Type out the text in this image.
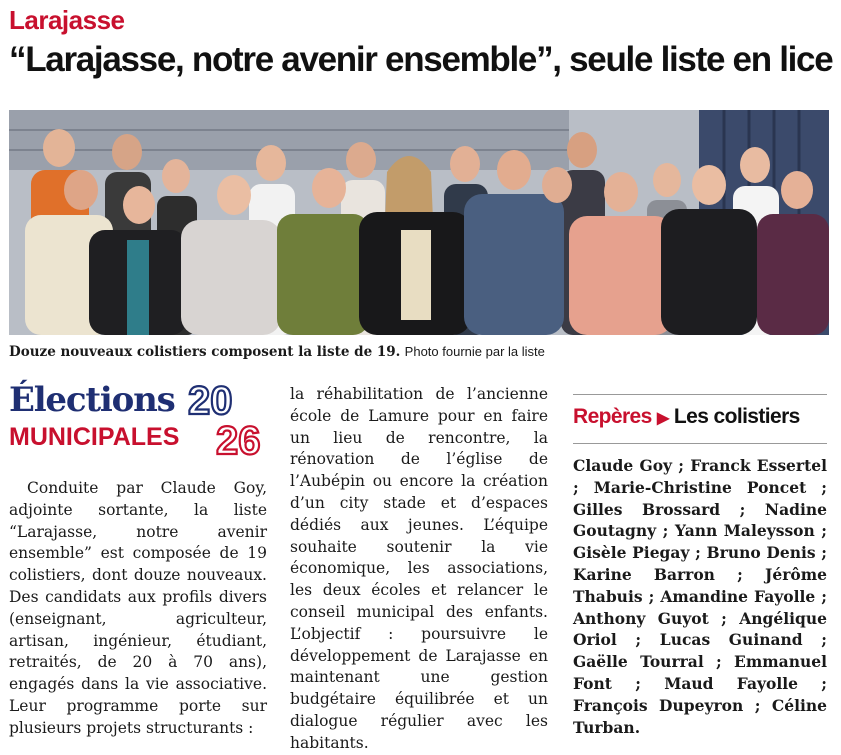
Larajasse
“Larajasse, notre avenir ensemble”, seule liste en lice
Douze nouveaux colistiers composent la liste de 19. Photo fournie par la liste
Élections
MUNICIPALES
20
26
Conduite par Claude Goy, adjointe sortante, la liste “Larajasse, notre avenir ensemble” est composée de 19 colistiers, dont douze nouveaux. Des candidats aux profils divers (enseignant, agriculteur, artisan, ingénieur, étudiant, retraités, de 20 à 70 ans), engagés dans la vie associative. Leur programme porte sur plusieurs projets structurants :
la réhabilitation de l’ancienne école de Lamure pour en faire un lieu de rencontre, la rénovation de l’église de l’Aubépin ou encore la création d’un city stade et d’espaces dédiés aux jeunes. L’équipe souhaite soutenir la vie économique, les associations, les deux écoles et relancer le conseil municipal des enfants. L’objectif : poursuivre le développement de Larajasse en maintenant une gestion budgétaire équilibrée et un dialogue régulier avec les habitants.
Repères ▶ Les colistiers
Claude Goy ; Franck Essertel ; Marie-Christine Poncet ; Gilles Brossard ; Nadine Goutagny ; Yann Maleysson ; Gisèle Piegay ; Bruno Denis ; Karine Barron ; Jérôme Thabuis ; Amandine Fayolle ; Anthony Guyot ; Angélique Oriol ; Lucas Guinand ; Gaëlle Tourral ; Emmanuel Font ; Maud Fayolle ; François Dupeyron ; Céline Turban.
